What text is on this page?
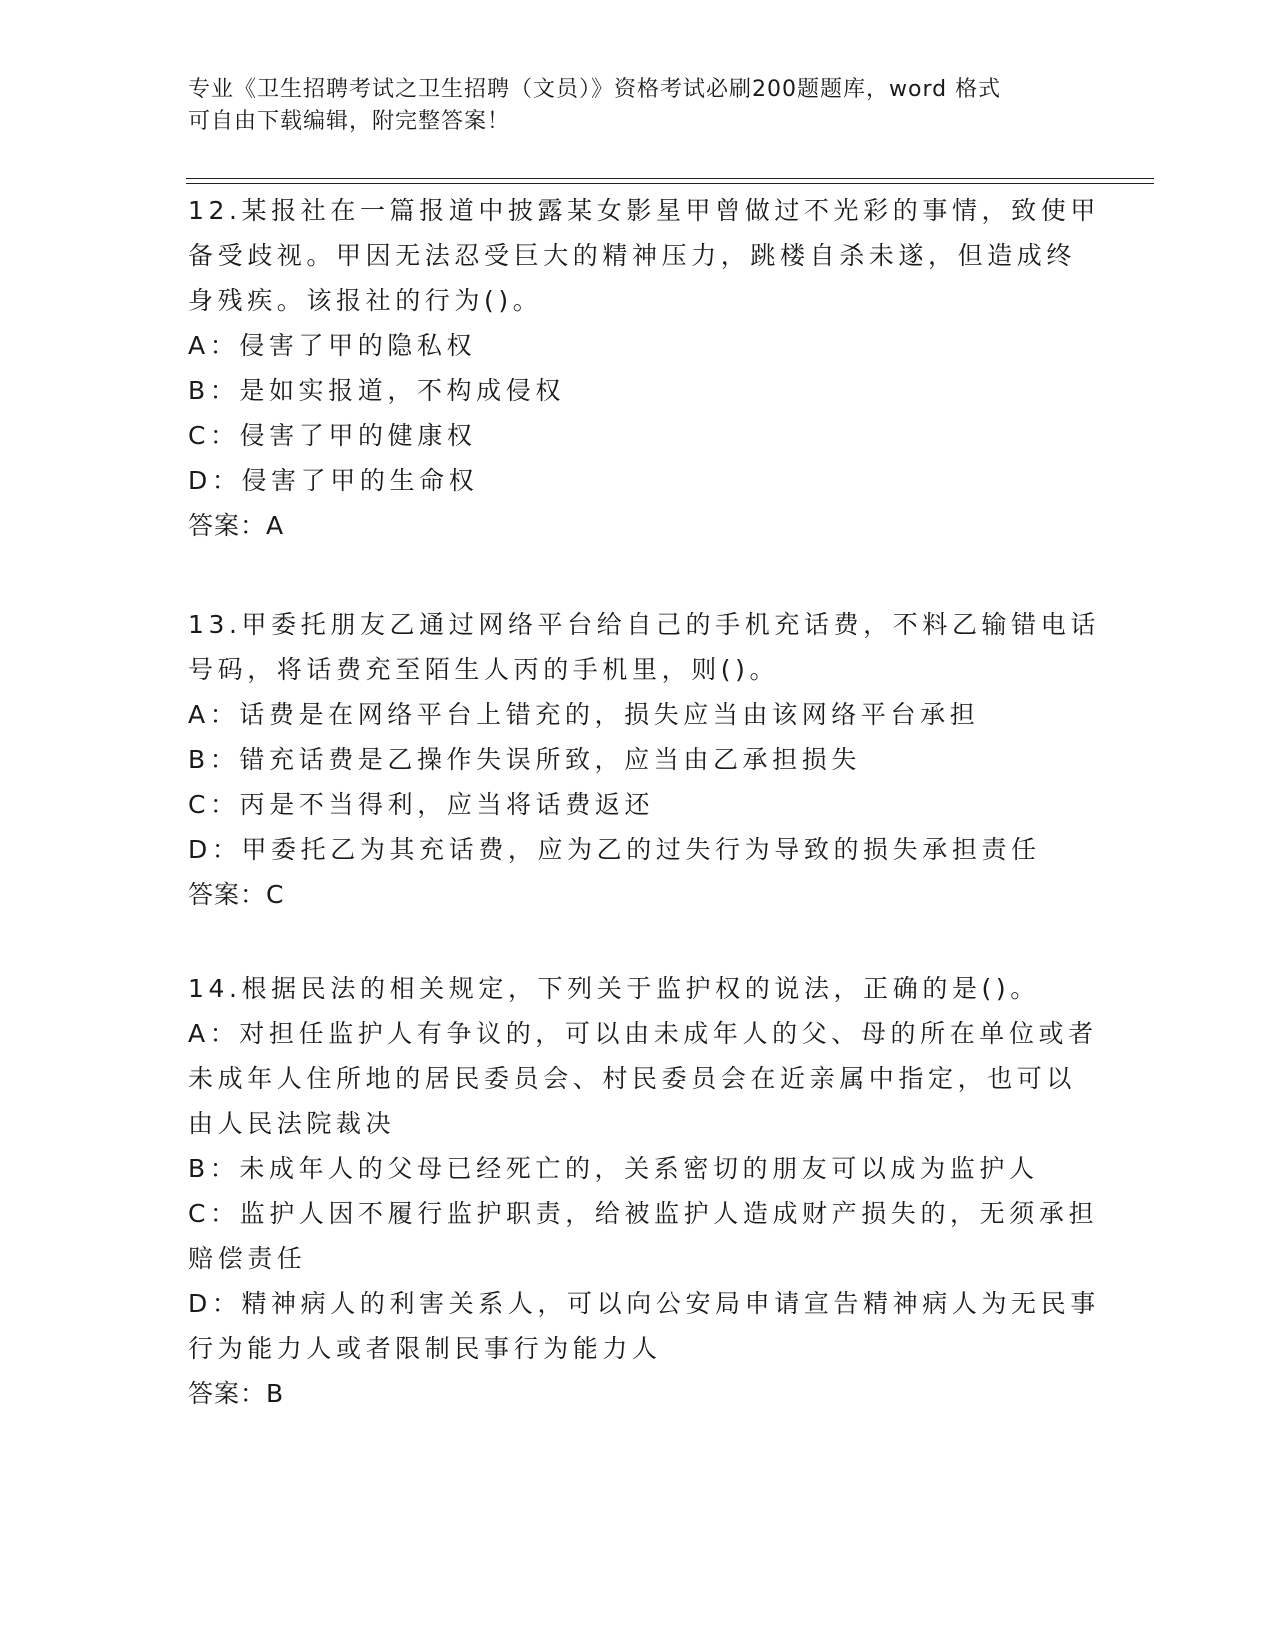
专业《卫生招聘考试之卫生招聘（文员）》资格考试必刷200题题库，word 格式
可自由下载编辑，附完整答案！
12.某报社在一篇报道中披露某女影星甲曾做过不光彩的事情，致使甲
备受歧视。甲因无法忍受巨大的精神压力，跳楼自杀未遂，但造成终
身残疾。该报社的行为()。
A：侵害了甲的隐私权
B：是如实报道，不构成侵权
C：侵害了甲的健康权
D：侵害了甲的生命权
答案：A
13.甲委托朋友乙通过网络平台给自己的手机充话费，不料乙输错电话
号码，将话费充至陌生人丙的手机里，则()。
A：话费是在网络平台上错充的，损失应当由该网络平台承担
B：错充话费是乙操作失误所致，应当由乙承担损失
C：丙是不当得利，应当将话费返还
D：甲委托乙为其充话费，应为乙的过失行为导致的损失承担责任
答案：C
14.根据民法的相关规定，下列关于监护权的说法，正确的是()。
A：对担任监护人有争议的，可以由未成年人的父、母的所在单位或者
未成年人住所地的居民委员会、村民委员会在近亲属中指定，也可以
由人民法院裁决
B：未成年人的父母已经死亡的，关系密切的朋友可以成为监护人
C：监护人因不履行监护职责，给被监护人造成财产损失的，无须承担
赔偿责任
D：精神病人的利害关系人，可以向公安局申请宣告精神病人为无民事
行为能力人或者限制民事行为能力人
答案：B
